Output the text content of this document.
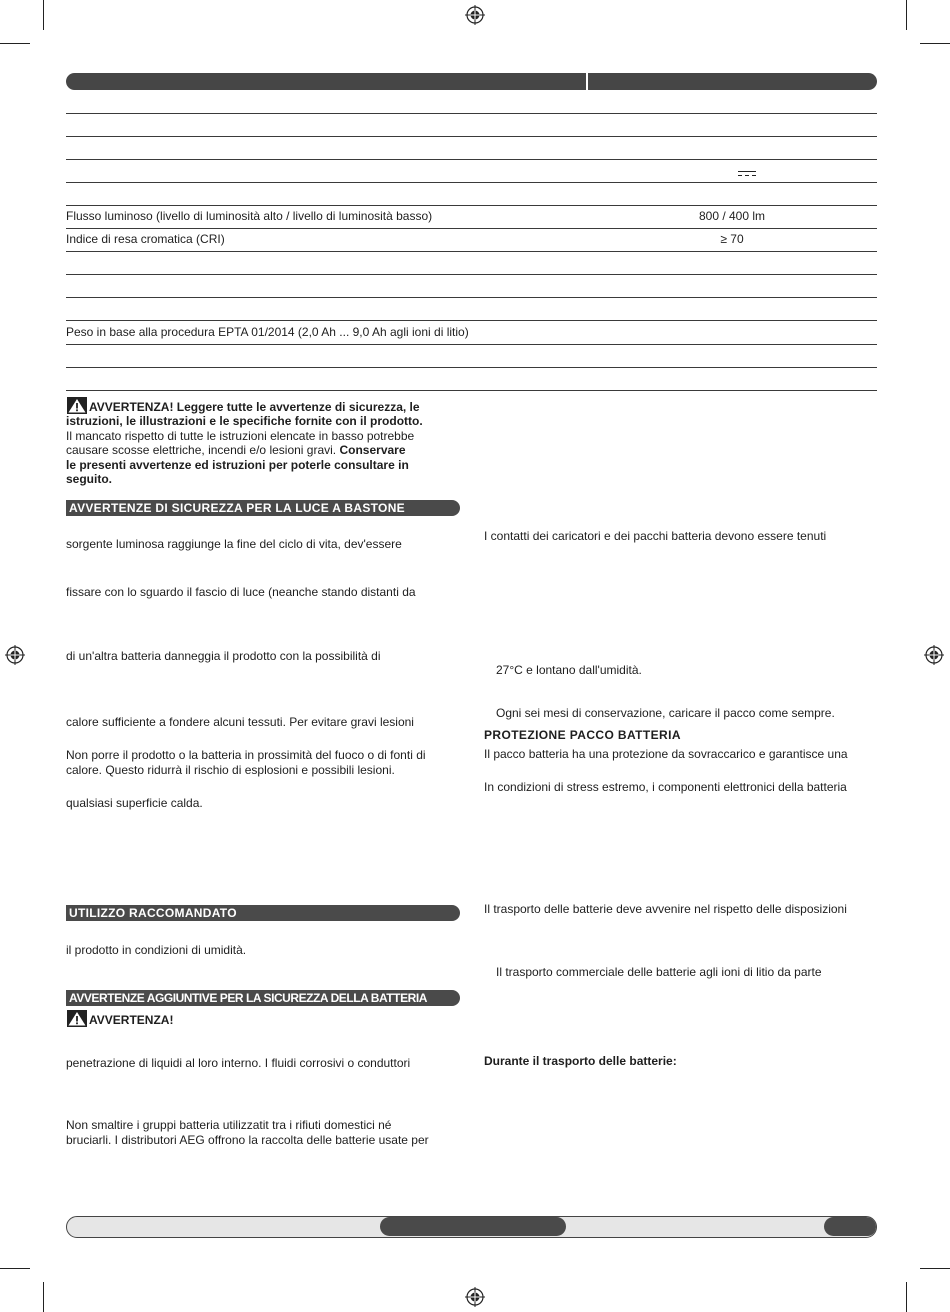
Flusso luminoso (livello di luminosità alto / livello di luminosità basso)	800 / 400 lm
Indice di resa cromatica (CRI)	≥ 70
Peso in base alla procedura EPTA 01/2014 (2,0 Ah ... 9,0 Ah agli ioni di litio)
AVVERTENZA! Leggere tutte le avvertenze di sicurezza, le
istruzioni, le illustrazioni e le specifiche fornite con il prodotto.
Il mancato rispetto di tutte le istruzioni elencate in basso potrebbe
causare scosse elettriche, incendi e/o lesioni gravi. Conservare
le presenti avvertenze ed istruzioni per poterle consultare in
seguito.
AVVERTENZE DI SICUREZZA PER LA LUCE A BASTONE
sorgente luminosa raggiunge la fine del ciclo di vita, dev'essere
fissare con lo sguardo il fascio di luce (neanche stando distanti da
di un'altra batteria danneggia il prodotto con la possibilità di
calore sufficiente a fondere alcuni tessuti. Per evitare gravi lesioni
Non porre il prodotto o la batteria in prossimità del fuoco o di fonti di
calore. Questo ridurrà il rischio di esplosioni e possibili lesioni.
qualsiasi superficie calda.
UTILIZZO RACCOMANDATO
il prodotto in condizioni di umidità.
AVVERTENZE AGGIUNTIVE PER LA SICUREZZA DELLA BATTERIA
AVVERTENZA!
penetrazione di liquidi al loro interno. I fluidi corrosivi o conduttori
Non smaltire i gruppi batteria utilizzatit tra i rifiuti domestici né
bruciarli. I distributori AEG offrono la raccolta delle batterie usate per
I contatti dei caricatori e dei pacchi batteria devono essere tenuti
27°C e lontano dall'umidità.
Ogni sei mesi di conservazione, caricare il pacco come sempre.
PROTEZIONE PACCO BATTERIA
Il pacco batteria ha una protezione da sovraccarico e garantisce una
In condizioni di stress estremo, i componenti elettronici della batteria
Il trasporto delle batterie deve avvenire nel rispetto delle disposizioni
Il trasporto commerciale delle batterie agli ioni di litio da parte
Durante il trasporto delle batterie:
